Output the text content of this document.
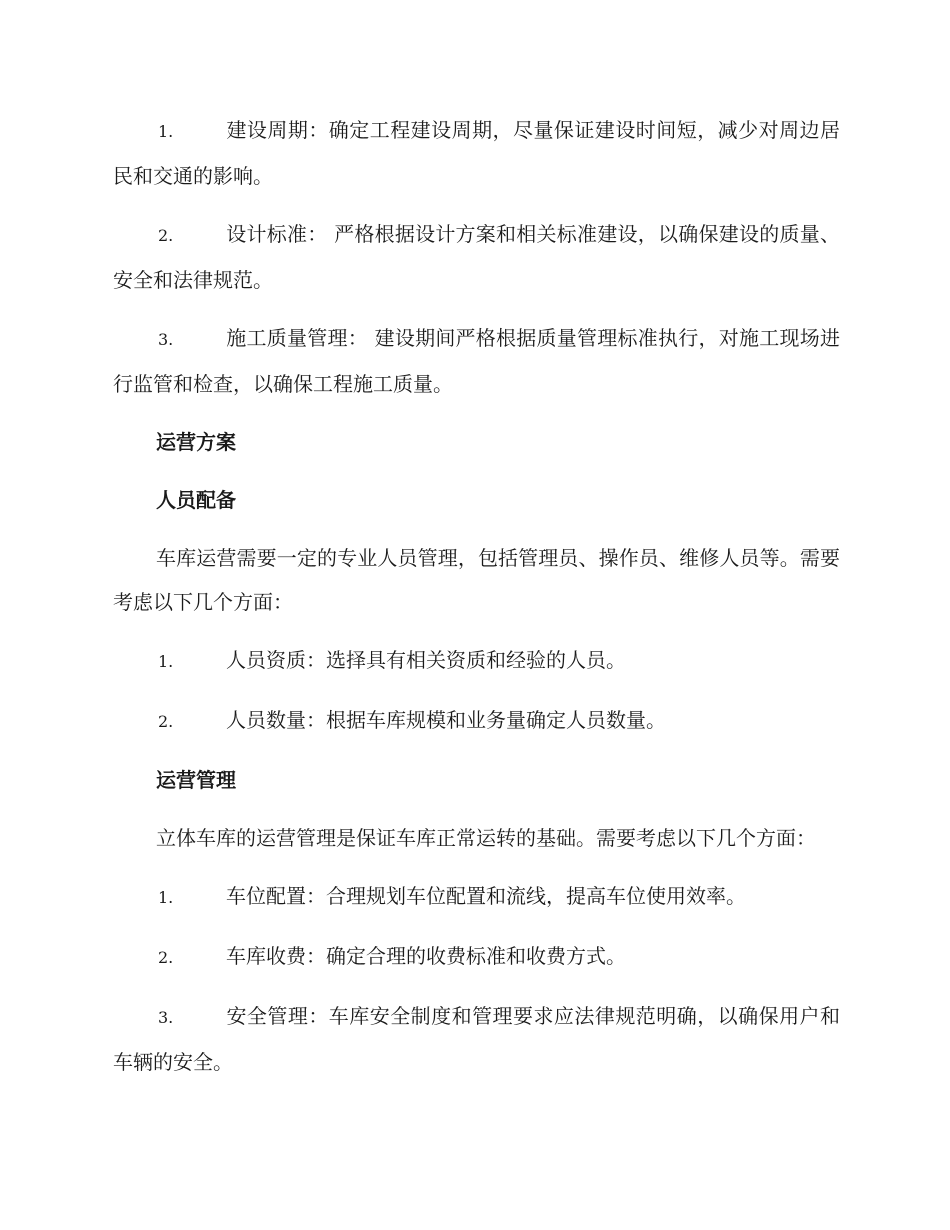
1.	建设周期：确定工程建设周期，尽量保证建设时间短，减少对周边居民和交通的影响。

2.	设计标准： 严格根据设计方案和相关标准建设，以确保建设的质量、安全和法律规范。

3.	施工质量管理： 建设期间严格根据质量管理标准执行，对施工现场进行监管和检查，以确保工程施工质量。

运营方案

人员配备

车库运营需要一定的专业人员管理，包括管理员、操作员、维修人员等。需要考虑以下几个方面：

1.	人员资质：选择具有相关资质和经验的人员。

2.	人员数量：根据车库规模和业务量确定人员数量。

运营管理

立体车库的运营管理是保证车库正常运转的基础。需要考虑以下几个方面：

1.	车位配置：合理规划车位配置和流线，提高车位使用效率。

2.	车库收费：确定合理的收费标准和收费方式。

3.	安全管理：车库安全制度和管理要求应法律规范明确，以确保用户和车辆的安全。
